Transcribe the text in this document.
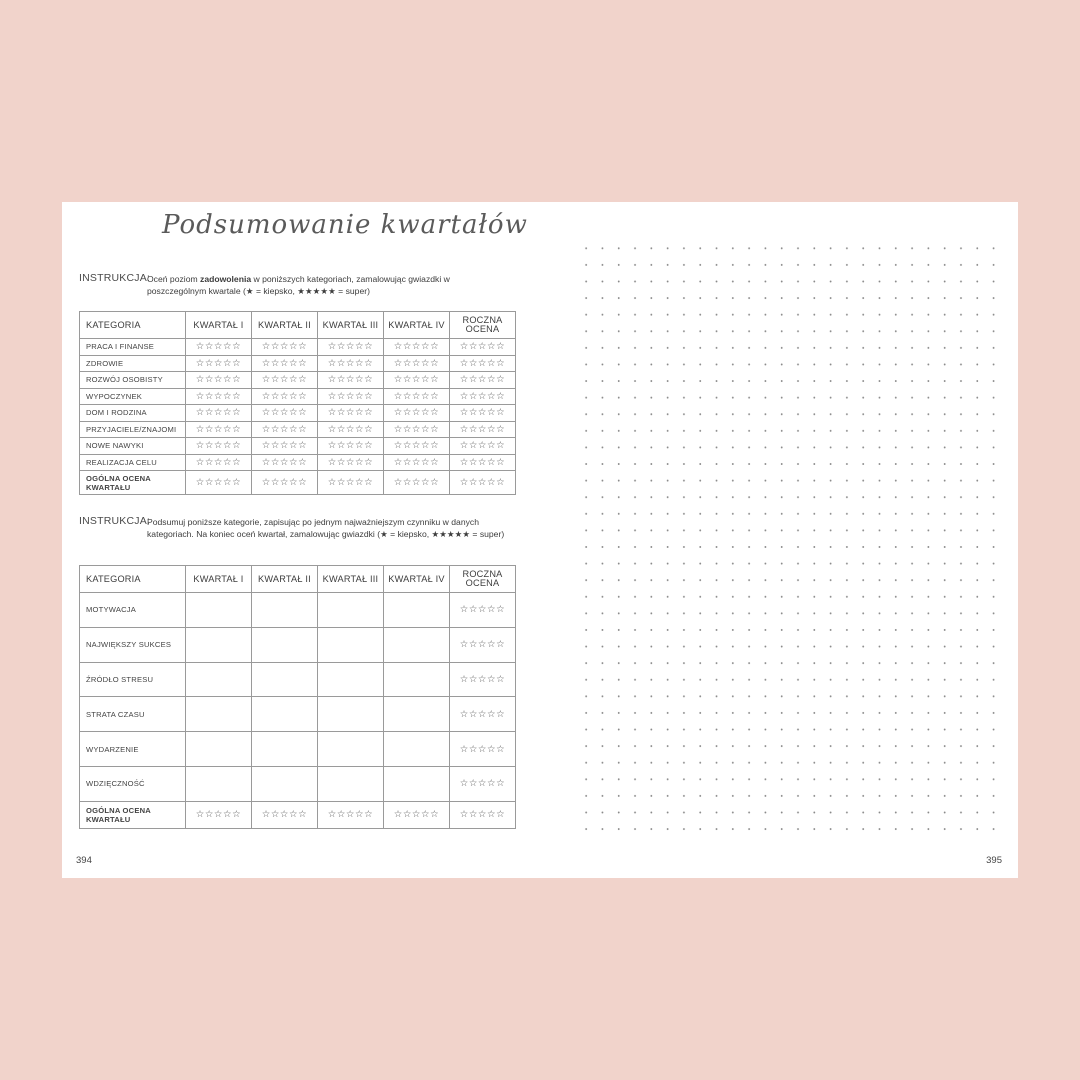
Podsumowanie kwartałów
INSTRUKCJA:
Oceń poziom zadowolenia w poniższych kategoriach, zamalowując gwiazdki w poszczególnym kwartale (★ = kiepsko, ★★★★★ = super)
KATEGORIA	KWARTAŁ I	KWARTAŁ II	KWARTAŁ III	KWARTAŁ IV	ROCZNA OCENA
PRACA I FINANSE	☆☆☆☆☆	☆☆☆☆☆	☆☆☆☆☆	☆☆☆☆☆	☆☆☆☆☆
ZDROWIE	☆☆☆☆☆	☆☆☆☆☆	☆☆☆☆☆	☆☆☆☆☆	☆☆☆☆☆
ROZWÓJ OSOBISTY	☆☆☆☆☆	☆☆☆☆☆	☆☆☆☆☆	☆☆☆☆☆	☆☆☆☆☆
WYPOCZYNEK	☆☆☆☆☆	☆☆☆☆☆	☆☆☆☆☆	☆☆☆☆☆	☆☆☆☆☆
DOM I RODZINA	☆☆☆☆☆	☆☆☆☆☆	☆☆☆☆☆	☆☆☆☆☆	☆☆☆☆☆
PRZYJACIELE/ZNAJOMI	☆☆☆☆☆	☆☆☆☆☆	☆☆☆☆☆	☆☆☆☆☆	☆☆☆☆☆
NOWE NAWYKI	☆☆☆☆☆	☆☆☆☆☆	☆☆☆☆☆	☆☆☆☆☆	☆☆☆☆☆
REALIZACJA CELU	☆☆☆☆☆	☆☆☆☆☆	☆☆☆☆☆	☆☆☆☆☆	☆☆☆☆☆
OGÓLNA OCENA KWARTAŁU	☆☆☆☆☆	☆☆☆☆☆	☆☆☆☆☆	☆☆☆☆☆	☆☆☆☆☆
INSTRUKCJA:
Podsumuj poniższe kategorie, zapisując po jednym najważniejszym czynniku w danych kategoriach. Na koniec oceń kwartał, zamalowując gwiazdki (★ = kiepsko, ★★★★★ = super)
KATEGORIA	KWARTAŁ I	KWARTAŁ II	KWARTAŁ III	KWARTAŁ IV	ROCZNA OCENA
MOTYWACJA					☆☆☆☆☆
NAJWIĘKSZY SUKCES					☆☆☆☆☆
ŹRÓDŁO STRESU					☆☆☆☆☆
STRATA CZASU					☆☆☆☆☆
WYDARZENIE					☆☆☆☆☆
WDZIĘCZNOŚĆ					☆☆☆☆☆
OGÓLNA OCENA KWARTAŁU	☆☆☆☆☆	☆☆☆☆☆	☆☆☆☆☆	☆☆☆☆☆	☆☆☆☆☆
394	395
